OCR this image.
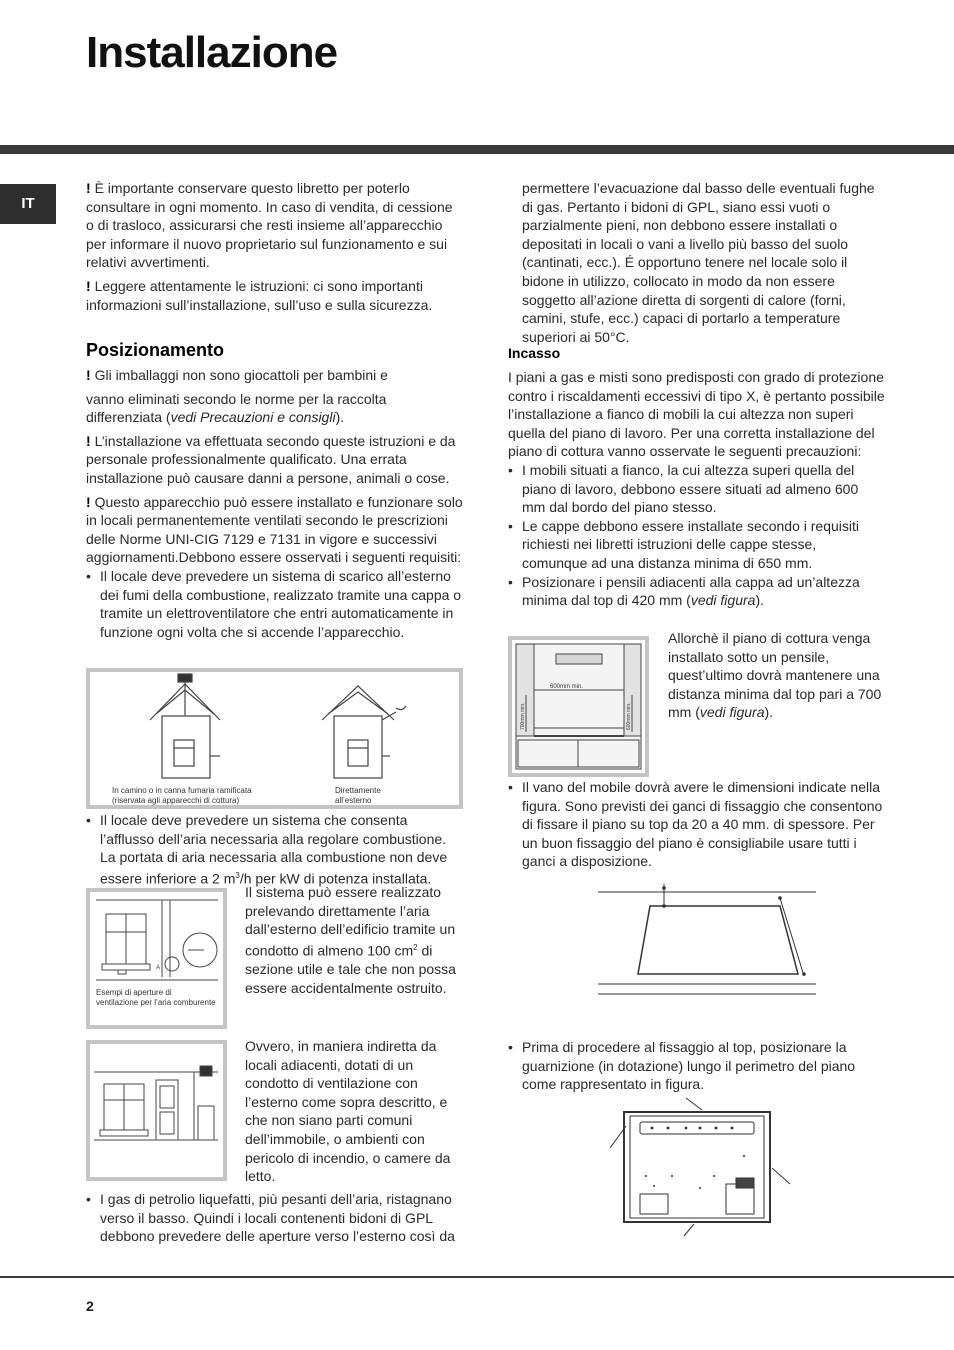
Installazione
IT

! È importante conservare questo libretto per poterlo consultare in ogni momento. In caso di vendita, di cessione o di trasloco, assicurarsi che resti insieme all’apparecchio per informare il nuovo proprietario sul funzionamento e sui relativi avvertimenti.

! Leggere attentamente le istruzioni: ci sono importanti informazioni sull’installazione, sull’uso e sulla sicurezza.

Posizionamento

! Gli imballaggi non sono giocattoli per bambini e

vanno eliminati secondo le norme per la raccolta differenziata (vedi Precauzioni e consigli).

! L’installazione va effettuata secondo queste istruzioni e da personale professionalmente qualificato. Una errata installazione può causare danni a persone, animali o cose.

! Questo apparecchio può essere installato e funzionare solo in locali permanentemente ventilati secondo le prescrizioni delle Norme UNI-CIG 7129 e 7131 in vigore e successivi aggiornamenti.Debbono essere osservati i seguenti requisiti:

• Il locale deve prevedere un sistema di scarico all’esterno dei fumi della combustione, realizzato tramite una cappa o tramite un elettroventilatore che entri automaticamente in funzione ogni volta che si accende l’apparecchio.

In camino o in canna fumaria ramificata (riservata agli apparecchi di cottura)
Direttamente all’esterno

• Il locale deve prevedere un sistema che consenta l’afflusso dell’aria necessaria alla regolare combustione. La portata di aria necessaria alla combustione non deve essere inferiore a 2 $m^3/h$ per kW di potenza installata.

A
Esempi di aperture di ventilazione per l’aria comburente

Il sistema può essere realizzato prelevando direttamente l’aria dall’esterno dell’edificio tramite un condotto di almeno 100 $cm^2$ di sezione utile e tale che non possa essere accidentalmente ostruito.

Ovvero, in maniera indiretta da locali adiacenti, dotati di un condotto di ventilazione con l’esterno come sopra descritto, e che non siano parti comuni dell’immobile, o ambienti con pericolo di incendio, o camere da letto.

• I gas di petrolio liquefatti, più pesanti dell’aria, ristagnano verso il basso. Quindi i locali contenenti bidoni di GPL debbono prevedere delle aperture verso l’esterno così da

permettere l’evacuazione dal basso delle eventuali fughe di gas. Pertanto i bidoni di GPL, siano essi vuoti o parzialmente pieni, non debbono essere installati o depositati in locali o vani a livello più basso del suolo (cantinati, ecc.). É opportuno tenere nel locale solo il bidone in utilizzo, collocato in modo da non essere soggetto all’azione diretta di sorgenti di calore (forni, camini, stufe, ecc.) capaci di portarlo a temperature superiori ai 50°C.

Incasso

I piani a gas e misti sono predisposti con grado di protezione contro i riscaldamenti eccessivi di tipo X, è pertanto possibile l’installazione a fianco di mobili la cui altezza non superi quella del piano di lavoro. Per una corretta installazione del piano di cottura vanno osservate le seguenti precauzioni:

• I mobili situati a fianco, la cui altezza superi quella del piano di lavoro, debbono essere situati ad almeno 600 mm dal bordo del piano stesso.

• Le cappe debbono essere installate secondo i requisiti richiesti nei libretti istruzioni delle cappe stesse, comunque ad una distanza minima di 650 mm.

• Posizionare i pensili adiacenti alla cappa ad un’altezza minima dal top di 420 mm (vedi figura).

600mm min.
700mm min.	600mm min.

Allorchè il piano di cottura venga installato sotto un pensile, quest’ultimo dovrà mantenere una distanza minima dal top pari a 700 mm (vedi figura).

• Il vano del mobile dovrà avere le dimensioni indicate nella figura. Sono previsti dei ganci di fissaggio che consentono di fissare il piano su top da 20 a 40 mm. di spessore. Per un buon fissaggio del piano è consigliabile usare tutti i ganci a disposizione.

• Prima di procedere al fissaggio al top, posizionare la guarnizione (in dotazione) lungo il perimetro del piano come rappresentato in figura.

2
